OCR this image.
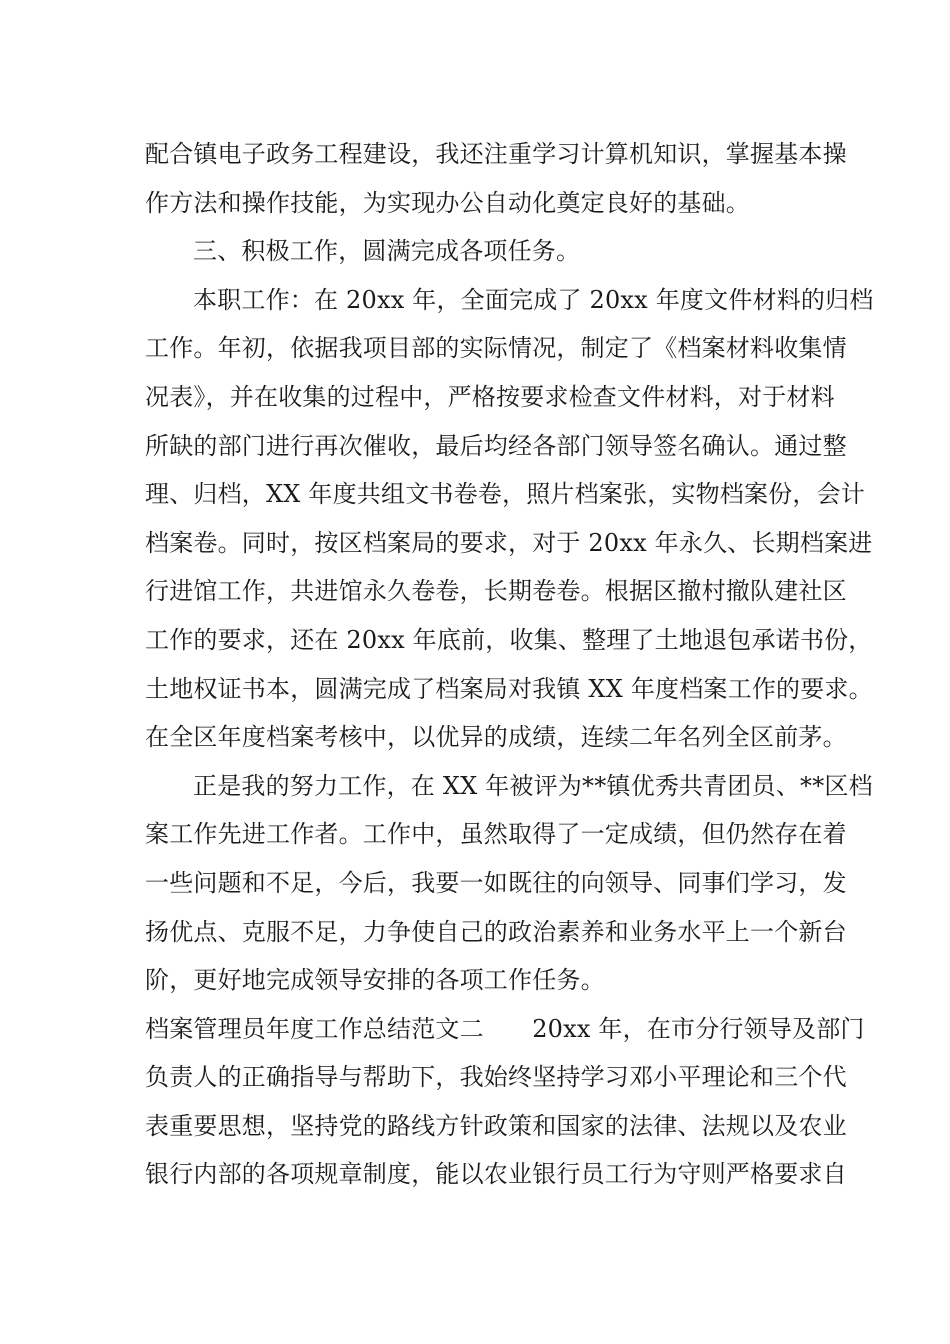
配合镇电子政务工程建设，我还注重学习计算机知识，掌握基本操
作方法和操作技能，为实现办公自动化奠定良好的基础。
三、积极工作，圆满完成各项任务。
本职工作：在 20xx 年，全面完成了 20xx 年度文件材料的归档
工作。年初，依据我项目部的实际情况，制定了《档案材料收集情
况表》，并在收集的过程中，严格按要求检查文件材料，对于材料
所缺的部门进行再次催收，最后均经各部门领导签名确认。通过整
理、归档，XX 年度共组文书卷卷，照片档案张，实物档案份，会计
档案卷。同时，按区档案局的要求，对于 20xx 年永久、长期档案进
行进馆工作，共进馆永久卷卷，长期卷卷。根据区撤村撤队建社区
工作的要求，还在 20xx 年底前，收集、整理了土地退包承诺书份，
土地权证书本，圆满完成了档案局对我镇 XX 年度档案工作的要求。
在全区年度档案考核中，以优异的成绩，连续二年名列全区前茅。
正是我的努力工作，在 XX 年被评为**镇优秀共青团员、**区档
案工作先进工作者。工作中，虽然取得了一定成绩，但仍然存在着
一些问题和不足，今后，我要一如既往的向领导、同事们学习，发
扬优点、克服不足，力争使自己的政治素养和业务水平上一个新台
阶，更好地完成领导安排的各项工作任务。
档案管理员年度工作总结范文二　　20xx 年，在市分行领导及部门
负责人的正确指导与帮助下，我始终坚持学习邓小平理论和三个代
表重要思想，坚持党的路线方针政策和国家的法律、法规以及农业
银行内部的各项规章制度，能以农业银行员工行为守则严格要求自
